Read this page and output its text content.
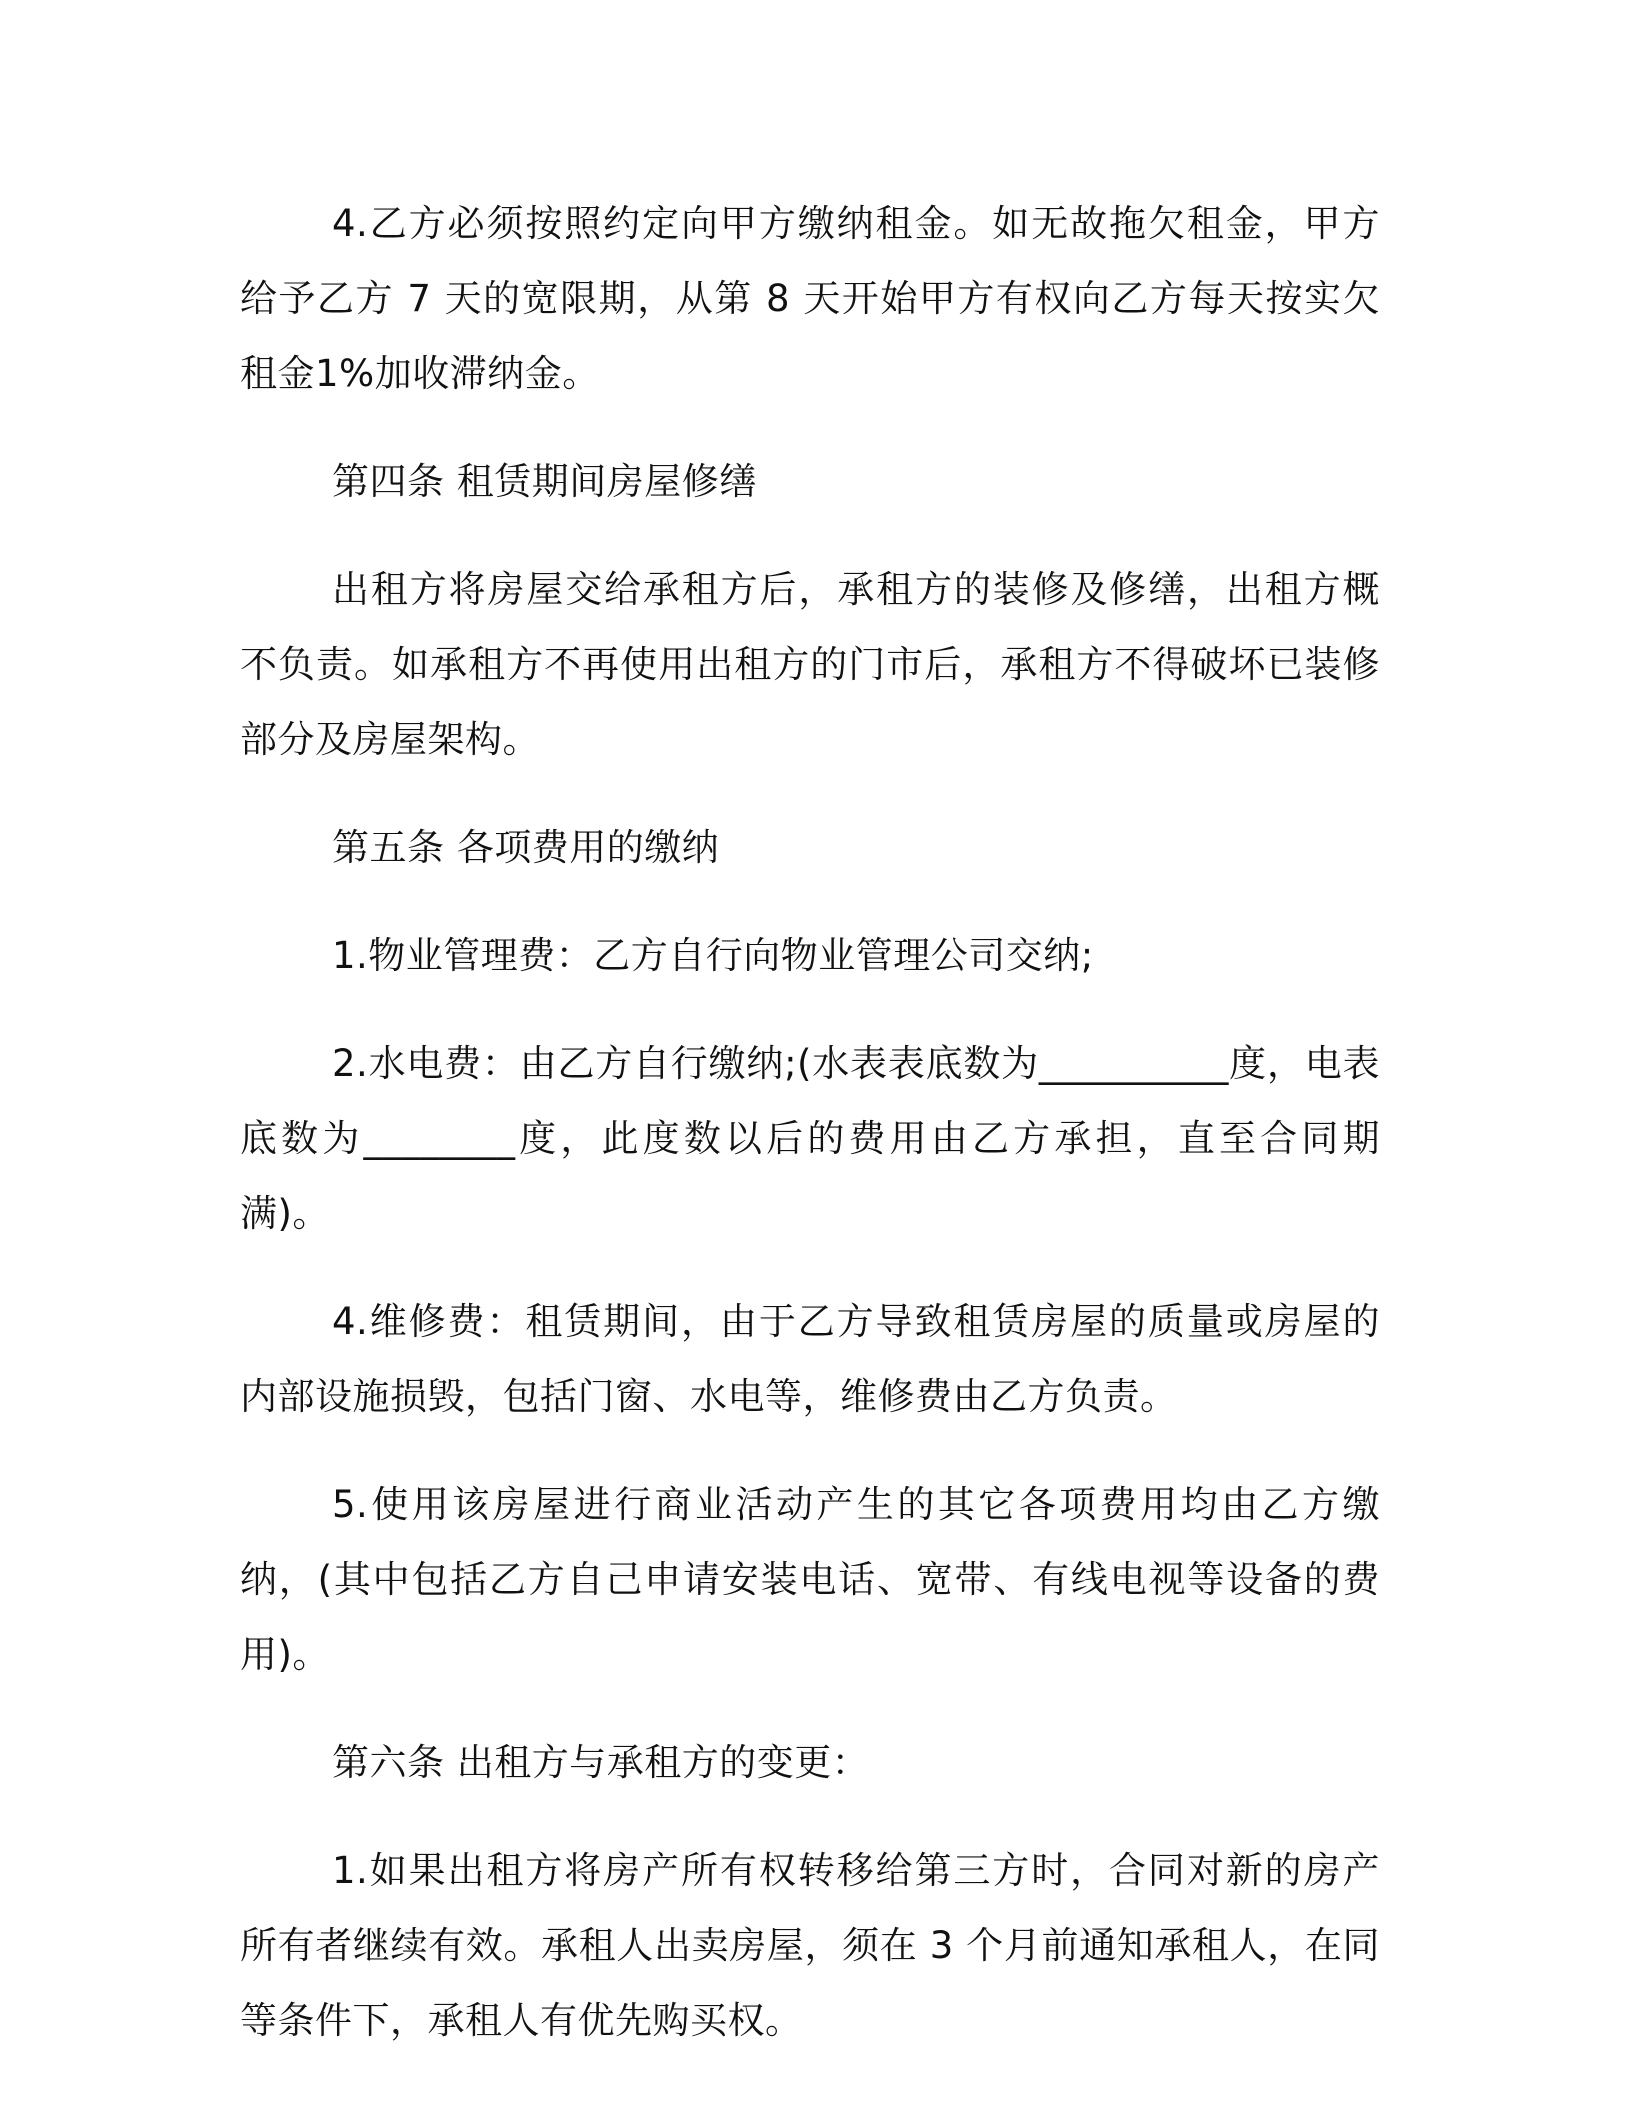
4.乙方必须按照约定向甲方缴纳租金。如无故拖欠租金，甲方给予乙方 7 天的宽限期，从第 8 天开始甲方有权向乙方每天按实欠租金1%加收滞纳金。

第四条 租赁期间房屋修缮

出租方将房屋交给承租方后，承租方的装修及修缮，出租方概不负责。如承租方不再使用出租方的门市后，承租方不得破坏已装修部分及房屋架构。

第五条 各项费用的缴纳

1.物业管理费：乙方自行向物业管理公司交纳;

2.水电费：由乙方自行缴纳;(水表表底数为__________度，电表底数为________度，此度数以后的费用由乙方承担，直至合同期满)。

4.维修费：租赁期间，由于乙方导致租赁房屋的质量或房屋的内部设施损毁，包括门窗、水电等，维修费由乙方负责。

5.使用该房屋进行商业活动产生的其它各项费用均由乙方缴纳，(其中包括乙方自己申请安装电话、宽带、有线电视等设备的费用)。

第六条 出租方与承租方的变更：

1.如果出租方将房产所有权转移给第三方时，合同对新的房产所有者继续有效。承租人出卖房屋，须在 3 个月前通知承租人，在同等条件下，承租人有优先购买权。
